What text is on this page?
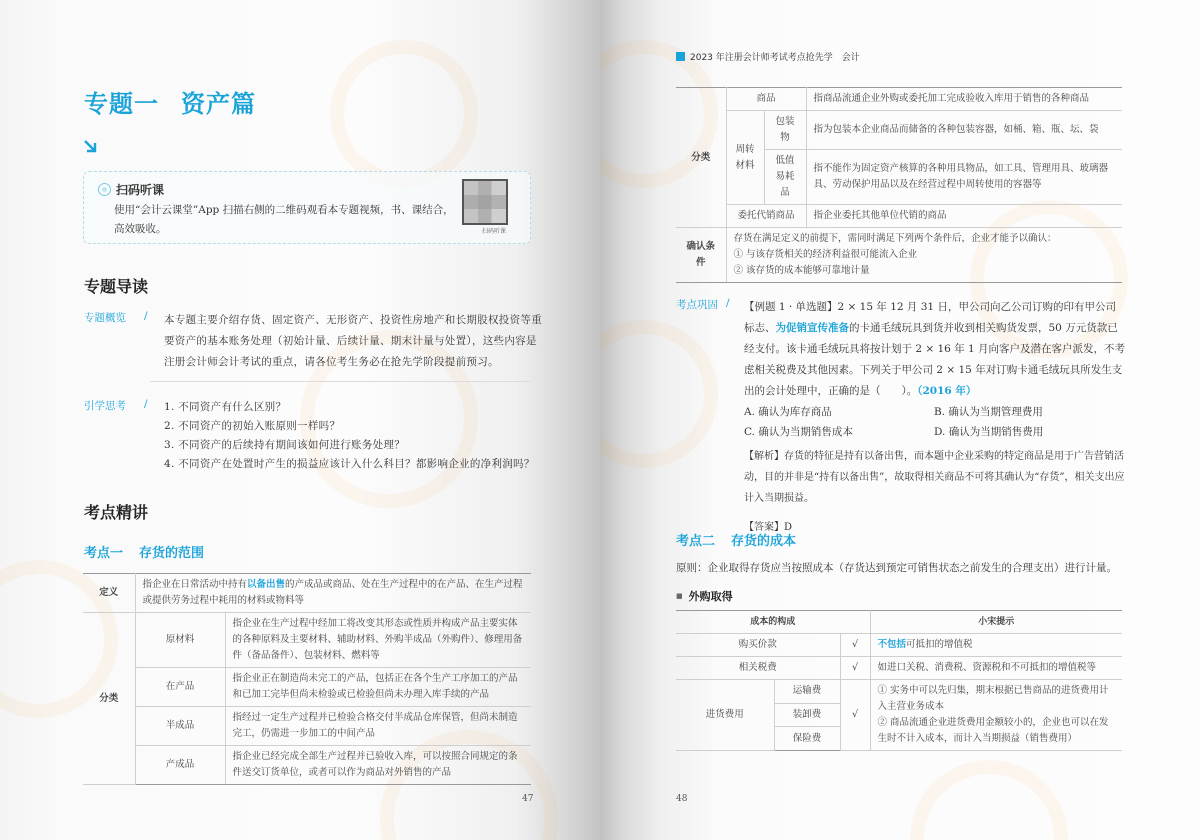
专题一 资产篇
扫码听课
使用“会计云课堂”App 扫描右侧的二维码观看本专题视频，书、课结合，高效吸收。	扫码听课
专题导读
专题概览	/	本专题主要介绍存货、固定资产、无形资产、投资性房地产和长期股权投资等重要资产的基本账务处理（初始计量、后续计量、期末计量与处置），这些内容是注册会计师会计考试的重点，请各位考生务必在抢先学阶段提前预习。
引学思考	/	1. 不同资产有什么区别？
2. 不同资产的初始入账原则一样吗？
3. 不同资产的后续持有期间该如何进行账务处理？
4. 不同资产在处置时产生的损益应该计入什么科目？都影响企业的净利润吗？
考点精讲
考点一 存货的范围
定义	指企业在日常活动中持有以备出售的产成品或商品、处在生产过程中的在产品、在生产过程或提供劳务过程中耗用的材料或物料等	
分类	原材料	指企业在生产过程中经加工将改变其形态或性质并构成产品主要实体的各种原料及主要材料、辅助材料、外购半成品（外购件）、修理用备件（备品备件）、包装材料、燃料等
	在产品	指企业正在制造尚未完工的产品，包括正在各个生产工序加工的产品和已加工完毕但尚未检验或已检验但尚未办理入库手续的产品
	半成品	指经过一定生产过程并已检验合格交付半成品仓库保管，但尚未制造完工，仍需进一步加工的中间产品
	产成品	指企业已经完成全部生产过程并已验收入库，可以按照合同规定的条件送交订货单位，或者可以作为商品对外销售的产品
47
2023 年注册会计师考试考点抢先学　会计
分类	商品		指商品流通企业外购或委托加工完成验收入库用于销售的各种商品
	周转材料	包装物	指为包装本企业商品而储备的各种包装容器，如桶、箱、瓶、坛、袋
		低值易耗品	指不能作为固定资产核算的各种用具物品，如工具、管理用具、玻璃器具、劳动保护用品以及在经营过程中周转使用的容器等
	委托代销商品		指企业委托其他单位代销的商品
确认条件	存货在满足定义的前提下，需同时满足下列两个条件后，企业才能予以确认：
① 与该存货相关的经济利益很可能流入企业
② 该存货的成本能够可靠地计量		
考点巩固 / 【例题 1 · 单选题】2 × 15 年 12 月 31 日，甲公司向乙公司订购的印有甲公司标志、为促销宣传准备的卡通毛绒玩具到货并收到相关购货发票，50 万元货款已经支付。该卡通毛绒玩具将按计划于 2 × 16 年 1 月向客户及潜在客户派发，不考虑相关税费及其他因素。下列关于甲公司 2 × 15 年对订购卡通毛绒玩具所发生支出的会计处理中，正确的是（　　）。（2016 年）
A. 确认为库存商品	B. 确认为当期管理费用
C. 确认为当期销售成本	D. 确认为当期销售费用
【解析】存货的特征是持有以备出售，而本题中企业采购的特定商品是用于广告营销活动，目的并非是“持有以备出售”，故取得相关商品不可将其确认为“存货”，相关支出应计入当期损益。
【答案】D
考点二 存货的成本
原则：企业取得存货应当按照成本（存货达到预定可销售状态之前发生的合理支出）进行计量。
■ 外购取得
成本的构成			小宋提示
购买价款		√	不包括可抵扣的增值税
相关税费		√	如进口关税、消费税、资源税和不可抵扣的增值税等
进货费用	运输费	√	① 实务中可以先归集，期末根据已售商品的进货费用计入主营业务成本
② 商品流通企业进货费用金额较小的，企业也可以在发生时不计入成本，而计入当期损益（销售费用）

	装卸费		
	保险费		
48
